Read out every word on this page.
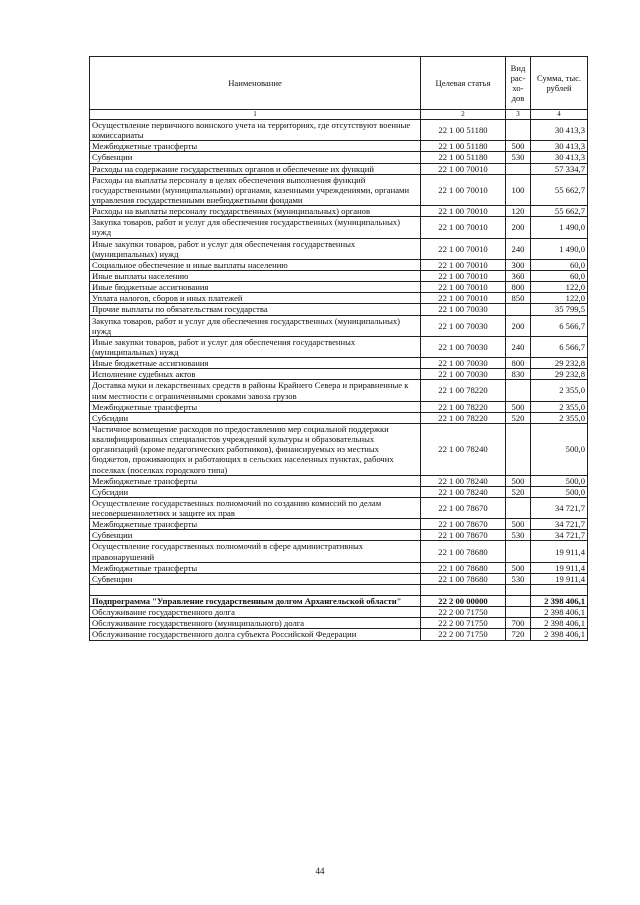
Наименование	Целевая статья	Вид рас-хо-дов	Сумма, тыс. рублей
1	2	3	4
Осуществление первичного воинского учета на территориях, где отсутствуют военные комиссариаты	22 1 00 51180		30 413,3
Межбюджетные трансферты	22 1 00 51180	500	30 413,3
Субвенции	22 1 00 51180	530	30 413,3
Расходы на содержание государственных органов и обеспечение их функций	22 1 00 70010		57 334,7
Расходы на выплаты персоналу в целях обеспечения выполнения функций государственными (муниципальными) органами, казенными учреждениями, органами управления государственными внебюджетными фондами	22 1 00 70010	100	55 662,7
Расходы на выплаты персоналу государственных (муниципальных) органов	22 1 00 70010	120	55 662,7
Закупка товаров, работ и услуг для обеспечения государственных (муниципальных) нужд	22 1 00 70010	200	1 490,0
Иные закупки товаров, работ и услуг для обеспечения государственных (муниципальных) нужд	22 1 00 70010	240	1 490,0
Социальное обеспечение и иные выплаты населению	22 1 00 70010	300	60,0
Иные выплаты населению	22 1 00 70010	360	60,0
Иные бюджетные ассигнования	22 1 00 70010	800	122,0
Уплата налогов, сборов и иных платежей	22 1 00 70010	850	122,0
Прочие выплаты по обязательствам государства	22 1 00 70030		35 799,5
Закупка товаров, работ и услуг для обеспечения государственных (муниципальных) нужд	22 1 00 70030	200	6 566,7
Иные закупки товаров, работ и услуг для обеспечения государственных (муниципальных) нужд	22 1 00 70030	240	6 566,7
Иные бюджетные ассигнования	22 1 00 70030	800	29 232,8
Исполнение судебных актов	22 1 00 70030	830	29 232,8
Доставка муки и лекарственных средств в районы Крайнего Севера и приравненные к ним местности с ограниченными сроками завоза грузов	22 1 00 78220		2 355,0
Межбюджетные трансферты	22 1 00 78220	500	2 355,0
Субсидии	22 1 00 78220	520	2 355,0
Частичное возмещение расходов по предоставлению мер социальной поддержки квалифицированных специалистов учреждений культуры и образовательных организаций (кроме педагогических работников), финансируемых из местных бюджетов, проживающих и работающих в сельских населенных пунктах, рабочих поселках (поселках городского типа)	22 1 00 78240		500,0
Межбюджетные трансферты	22 1 00 78240	500	500,0
Субсидии	22 1 00 78240	520	500,0
Осуществление государственных полномочий по созданию комиссий по делам несовершеннолетних и защите их прав	22 1 00 78670		34 721,7
Межбюджетные трансферты	22 1 00 78670	500	34 721,7
Субвенции	22 1 00 78670	530	34 721,7
Осуществление государственных полномочий в сфере административных правонарушений	22 1 00 78680		19 911,4
Межбюджетные трансферты	22 1 00 78680	500	19 911,4
Субвенции	22 1 00 78680	530	19 911,4

Подпрограмма "Управление государственным долгом Архангельской области"	22 2 00 00000		2 398 406,1
Обслуживание государственного долга	22 2 00 71750		2 398 406,1
Обслуживание государственного (муниципального) долга	22 2 00 71750	700	2 398 406,1
Обслуживание государственного долга субъекта Российской Федерации	22 2 00 71750	720	2 398 406,1
44
